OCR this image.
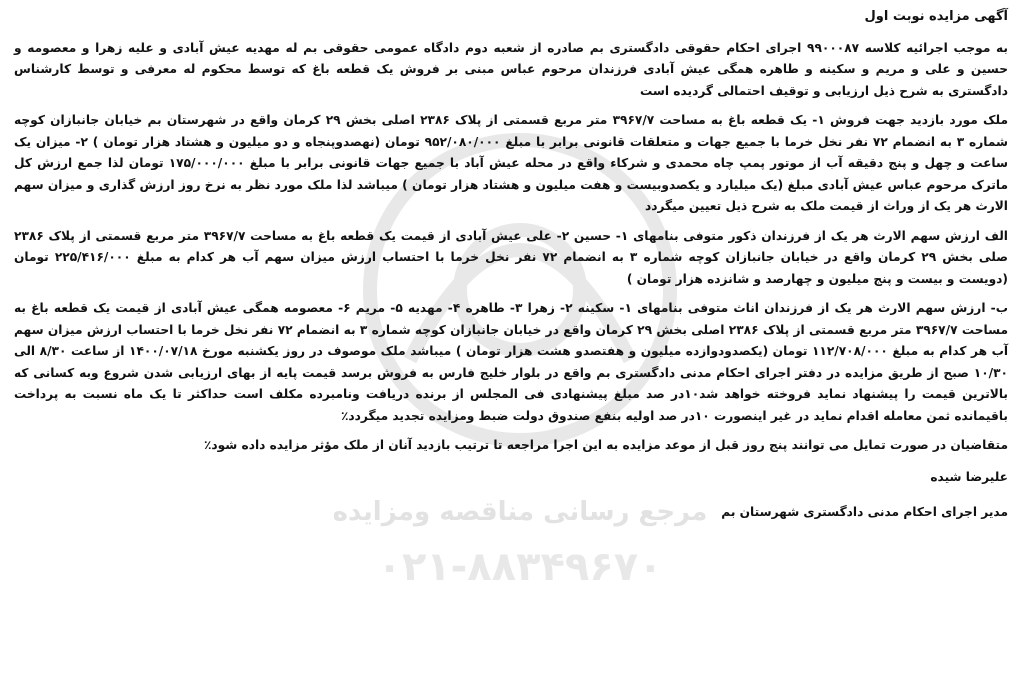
مرجع رسانی مناقصه ومزایده
۰۲۱-۸۸۳۴۹۶۷۰
آگهی مزایده نوبت اول
به موجب اجرائیه کلاسه ۹۹۰۰۰۸۷ اجرای احکام حقوقی دادگستری بم صادره از شعبه دوم دادگاه عمومی حقوقی بم له مهدیه عیش آبادی و علیه زهرا و معصومه و حسین و علی و مریم و سکینه و طاهره همگی عیش آبادی فرزندان مرحوم عباس مبنی بر فروش یک قطعه باغ که توسط محکوم له معرفی و توسط کارشناس دادگستری به شرح ذیل ارزیابی و توقیف احتمالی گردیده است
ملک مورد بازدید جهت فروش ۱- یک قطعه باغ به مساحت ۳۹۶۷/۷ متر مربع قسمتی از پلاک ۲۳۸۶ اصلی بخش ۲۹ کرمان واقع در شهرستان بم خیابان جانبازان کوچه شماره ۳ به انضمام ۷۲ نفر نخل خرما با جمیع جهات و متعلقات قانونی برابر با مبلغ ۹۵۲/۰۸۰/۰۰۰ تومان (نهصدوپنجاه و دو میلیون و هشتاد هزار تومان ) ۲- میزان یک ساعت و چهل و پنج دقیقه آب از موتور پمپ چاه محمدی و شرکاء واقع در محله عیش آباد با جمیع جهات قانونی برابر با مبلغ ۱۷۵/۰۰۰/۰۰۰ تومان لذا جمع ارزش کل ماترک مرحوم عباس عیش آبادی مبلغ (یک میلیارد و یکصدوبیست و هفت میلیون و هشتاد هزار تومان ) میباشد لذا ملک مورد نظر به نرخ روز ارزش گذاری و میزان سهم الارث هر یک از وراث از قیمت ملک به شرح ذیل تعیین میگردد
الف ارزش سهم الارث هر یک از فرزندان ذکور متوفی بنامهای ۱- حسین ۲- علی عیش آبادی از قیمت یک قطعه باغ به مساحت ۳۹۶۷/۷ متر مربع قسمتی از پلاک ۲۳۸۶ صلی بخش ۲۹ کرمان واقع در خیابان جانبازان کوچه شماره ۳ به انضمام ۷۲ نفر نخل خرما با احتساب ارزش میزان سهم آب هر کدام به مبلغ ۲۲۵/۴۱۶/۰۰۰ تومان (دویست و بیست و پنج میلیون و چهارصد و شانزده هزار تومان )
ب- ارزش سهم الارث هر یک از فرزندان اناث متوفی بنامهای ۱- سکینه ۲- زهرا ۳- طاهره ۴- مهدیه ۵- مریم ۶- معصومه همگی عیش آبادی از قیمت یک قطعه باغ به مساحت ۳۹۶۷/۷ متر مربع قسمتی از پلاک ۲۳۸۶ اصلی بخش ۲۹ کرمان واقع در خیابان جانبازان کوچه شماره ۳ به انضمام ۷۲ نفر نخل خرما با احتساب ارزش میزان سهم آب هر کدام به مبلغ ۱۱۲/۷۰۸/۰۰۰ تومان (یکصدودوازده میلیون و هفتصدو هشت هزار تومان ) میباشد ملک موصوف در روز یکشنبه مورخ ۱۴۰۰/۰۷/۱۸ از ساعت ۸/۳۰ الی ۱۰/۳۰ صبح از طریق مزایده در دفتر اجرای احکام مدنی دادگستری بم واقع در بلوار خلیج فارس به فروش برسد قیمت پایه از بهای ارزیابی شدن شروع وبه کسانی که بالاترین قیمت را پیشنهاد نماید فروخته خواهد شد۱۰در صد مبلغ پیشنهادی فی المجلس از برنده دریافت ونامبرده مکلف است حداکثر تا یک ماه نسبت به پرداخت باقیمانده ثمن معامله اقدام نماید در غیر اینصورت ۱۰در صد اولیه بنفع صندوق دولت ضبط ومزایده تجدید میگردد٪
متقاضیان در صورت تمایل می توانند پنج روز قبل از موعد مزایده به این اجرا مراجعه تا ترتیب بازدید آنان از ملک مؤثر مزایده داده شود٪
علیرضا شیده
مدیر اجرای احکام مدنی دادگستری شهرستان بم
